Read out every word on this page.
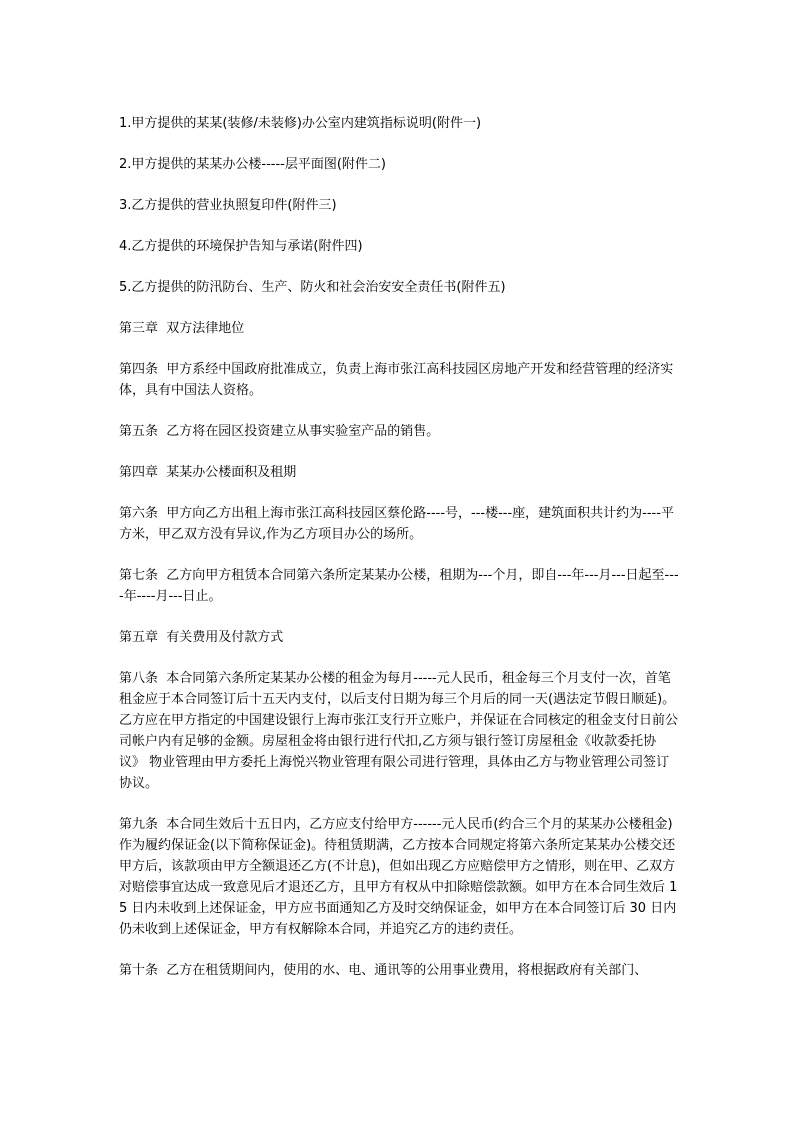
1.甲方提供的某某(装修/未装修)办公室内建筑指标说明(附件一)

2.甲方提供的某某办公楼-----层平面图(附件二)

3.乙方提供的营业执照复印件(附件三)

4.乙方提供的环境保护告知与承诺(附件四)

5.乙方提供的防汛防台、生产、防火和社会治安安全责任书(附件五)

第三章  双方法律地位

第四条  甲方系经中国政府批准成立，负责上海市张江高科技园区房地产开发和经营管理的经济实体，具有中国法人资格。

第五条  乙方将在园区投资建立从事实验室产品的销售。

第四章  某某办公楼面积及租期

第六条  甲方向乙方出租上海市张江高科技园区蔡伦路----号，---楼---座，建筑面积共计约为----平方米，甲乙双方没有异议,作为乙方项目办公的场所。

第七条  乙方向甲方租赁本合同第六条所定某某办公楼，租期为---个月，即自---年---月---日起至----年----月---日止。

第五章  有关费用及付款方式

第八条  本合同第六条所定某某办公楼的租金为每月-----元人民币，租金每三个月支付一次，首笔租金应于本合同签订后十五天内支付，以后支付日期为每三个月后的同一天(遇法定节假日顺延)。乙方应在甲方指定的中国建设银行上海市张江支行开立账户，并保证在合同核定的租金支付日前公司帐户内有足够的金额。房屋租金将由银行进行代扣,乙方须与银行签订房屋租金《收款委托协议》 物业管理由甲方委托上海悦兴物业管理有限公司进行管理，具体由乙方与物业管理公司签订协议。

第九条  本合同生效后十五日内，乙方应支付给甲方------元人民币(约合三个月的某某办公楼租金)作为履约保证金(以下简称保证金)。待租赁期满，乙方按本合同规定将第六条所定某某办公楼交还甲方后，该款项由甲方全额退还乙方(不计息)，但如出现乙方应赔偿甲方之情形，则在甲、乙双方对赔偿事宜达成一致意见后才退还乙方，且甲方有权从中扣除赔偿款额。如甲方在本合同生效后 15 日内未收到上述保证金，甲方应书面通知乙方及时交纳保证金，如甲方在本合同签订后 30 日内仍未收到上述保证金，甲方有权解除本合同，并追究乙方的违约责任。

第十条  乙方在租赁期间内，使用的水、电、通讯等的公用事业费用，将根据政府有关部门、
